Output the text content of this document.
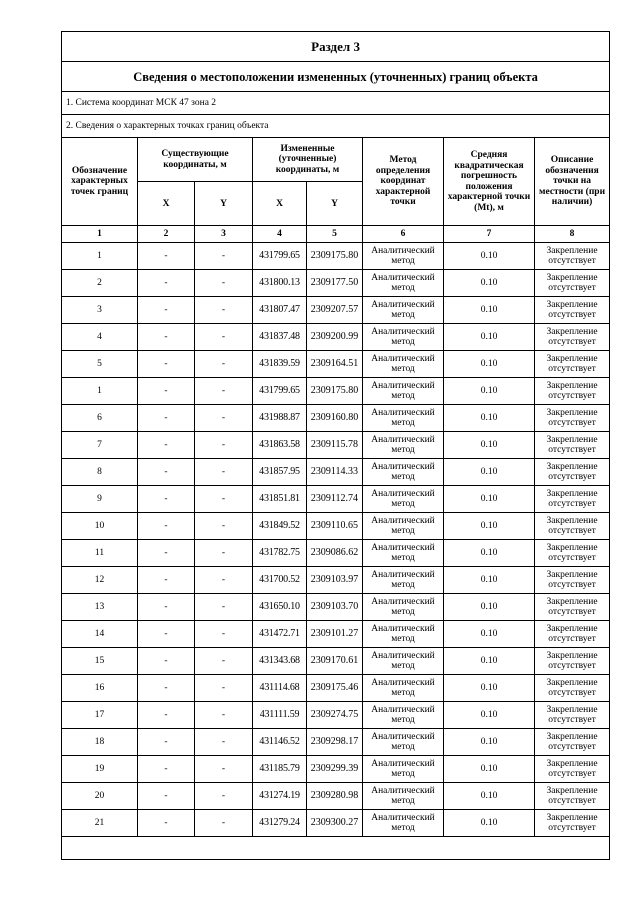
Раздел 3							
Сведения о местоположении измененных (уточненных) границ объекта							
1. Система координат МСК 47 зона 2							
2. Сведения о характерных точках границ объекта							
Обозначение характерных точек границ	Существующие координаты, м		Измененные (уточненные) координаты, м		Метод определения координат характерной точки	Средняя квадратическая погрешность положения характерной точки (Mt), м	Описание обозначения точки на местности (при наличии)
	X	Y	X	Y			
1	2	3	4	5	6	7	8
1	-	-	431799.65	2309175.80	Аналитический метод	0.10	Закрепление отсутствует
2	-	-	431800.13	2309177.50	Аналитический метод	0.10	Закрепление отсутствует
3	-	-	431807.47	2309207.57	Аналитический метод	0.10	Закрепление отсутствует
4	-	-	431837.48	2309200.99	Аналитический метод	0.10	Закрепление отсутствует
5	-	-	431839.59	2309164.51	Аналитический метод	0.10	Закрепление отсутствует
1	-	-	431799.65	2309175.80	Аналитический метод	0.10	Закрепление отсутствует
6	-	-	431988.87	2309160.80	Аналитический метод	0.10	Закрепление отсутствует
7	-	-	431863.58	2309115.78	Аналитический метод	0.10	Закрепление отсутствует
8	-	-	431857.95	2309114.33	Аналитический метод	0.10	Закрепление отсутствует
9	-	-	431851.81	2309112.74	Аналитический метод	0.10	Закрепление отсутствует
10	-	-	431849.52	2309110.65	Аналитический метод	0.10	Закрепление отсутствует
11	-	-	431782.75	2309086.62	Аналитический метод	0.10	Закрепление отсутствует
12	-	-	431700.52	2309103.97	Аналитический метод	0.10	Закрепление отсутствует
13	-	-	431650.10	2309103.70	Аналитический метод	0.10	Закрепление отсутствует
14	-	-	431472.71	2309101.27	Аналитический метод	0.10	Закрепление отсутствует
15	-	-	431343.68	2309170.61	Аналитический метод	0.10	Закрепление отсутствует
16	-	-	431114.68	2309175.46	Аналитический метод	0.10	Закрепление отсутствует
17	-	-	431111.59	2309274.75	Аналитический метод	0.10	Закрепление отсутствует
18	-	-	431146.52	2309298.17	Аналитический метод	0.10	Закрепление отсутствует
19	-	-	431185.79	2309299.39	Аналитический метод	0.10	Закрепление отсутствует
20	-	-	431274.19	2309280.98	Аналитический метод	0.10	Закрепление отсутствует
21	-	-	431279.24	2309300.27	Аналитический метод	0.10	Закрепление отсутствует
